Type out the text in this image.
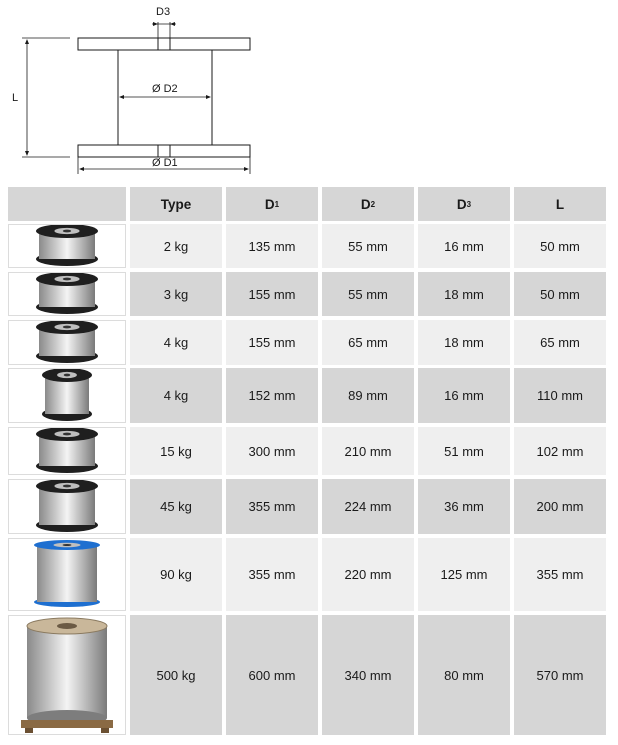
D3
Ø D2
Ø D1
L
Type	D 1	D 2	D 3	L
2 kg	135 mm	55 mm	16 mm	50 mm
3 kg	155 mm	55 mm	18 mm	50 mm
4 kg	155 mm	65 mm	18 mm	65 mm
4 kg	152 mm	89 mm	16 mm	110 mm
15 kg	300 mm	210 mm	51 mm	102 mm
45 kg	355 mm	224 mm	36 mm	200 mm
90 kg	355 mm	220 mm	125 mm	355 mm
500 kg	600 mm	340 mm	80 mm	570 mm
